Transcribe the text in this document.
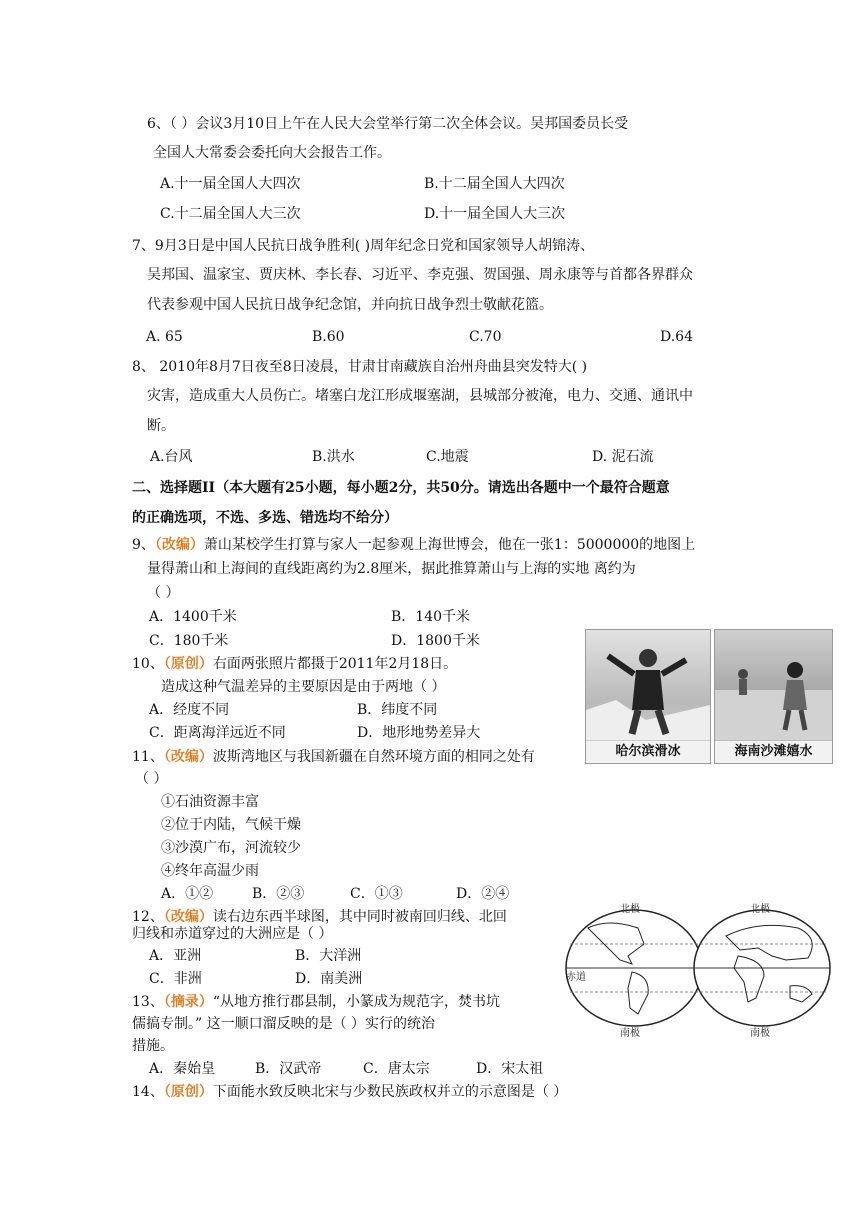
6、（ ）会议3月10日上午在人民大会堂举行第二次全体会议。吴邦国委员长受
全国人大常委会委托向大会报告工作。
A.十一届全国人大四次	B.十二届全国人大四次
C.十二届全国人大三次	D.十一届全国人大三次
7、9月3日是中国人民抗日战争胜利( )周年纪念日党和国家领导人胡锦涛、
吴邦国、温家宝、贾庆林、李长春、习近平、李克强、贺国强、周永康等与首都各界群众
代表参观中国人民抗日战争纪念馆，并向抗日战争烈士敬献花篮。
A. 65	B.60	C.70	D.64
8、 2010年8月7日夜至8日凌晨，甘肃甘南藏族自治州舟曲县突发特大( )
灾害，造成重大人员伤亡。堵塞白龙江形成堰塞湖，县城部分被淹，电力、交通、通讯中
断。
A.台风	B.洪水	C.地震	D. 泥石流
二、选择题II（本大题有25小题，每小题2分，共50分。请选出各题中一个最符合题意
的正确选项，不选、多选、错选均不给分）
9、（改编）萧山某校学生打算与家人一起参观上海世博会，他在一张1：5000000的地图上
量得萧山和上海间的直线距离约为2.8厘米，据此推算萧山与上海的实地 离约为
（ ）
A．1400千米	B．140千米
C．180千米	D．1800千米
10、（原创）右面两张照片都摄于2011年2月18日。
造成这种气温差异的主要原因是由于两地（ ）
A．经度不同	B．纬度不同
C．距离海洋远近不同	D．地形地势差异大
哈尔滨滑冰	海南沙滩嬉水
11、（改编）波斯湾地区与我国新疆在自然环境方面的相同之处有
（ ）
①石油资源丰富
②位于内陆，气候干燥
③沙漠广布，河流较少
④终年高温少雨
A．①②	B．②③	C．①③	D．②④
12、（改编）读右边东西半球图，其中同时被南回归线、北回
归线和赤道穿过的大洲应是（ ）
A．亚洲	B．大洋洲
C．非洲	D．南美洲
北极	北极
赤道
南极	南极
13、（摘录）“从地方推行郡县制，小篆成为规范字，焚书坑
儒搞专制。” 这一顺口溜反映的是（ ）实行的统治
措施。
A．秦始皇	B．汉武帝	C．唐太宗	D．宋太祖
14、（原创）下面能水致反映北宋与少数民族政权并立的示意图是（ ）
